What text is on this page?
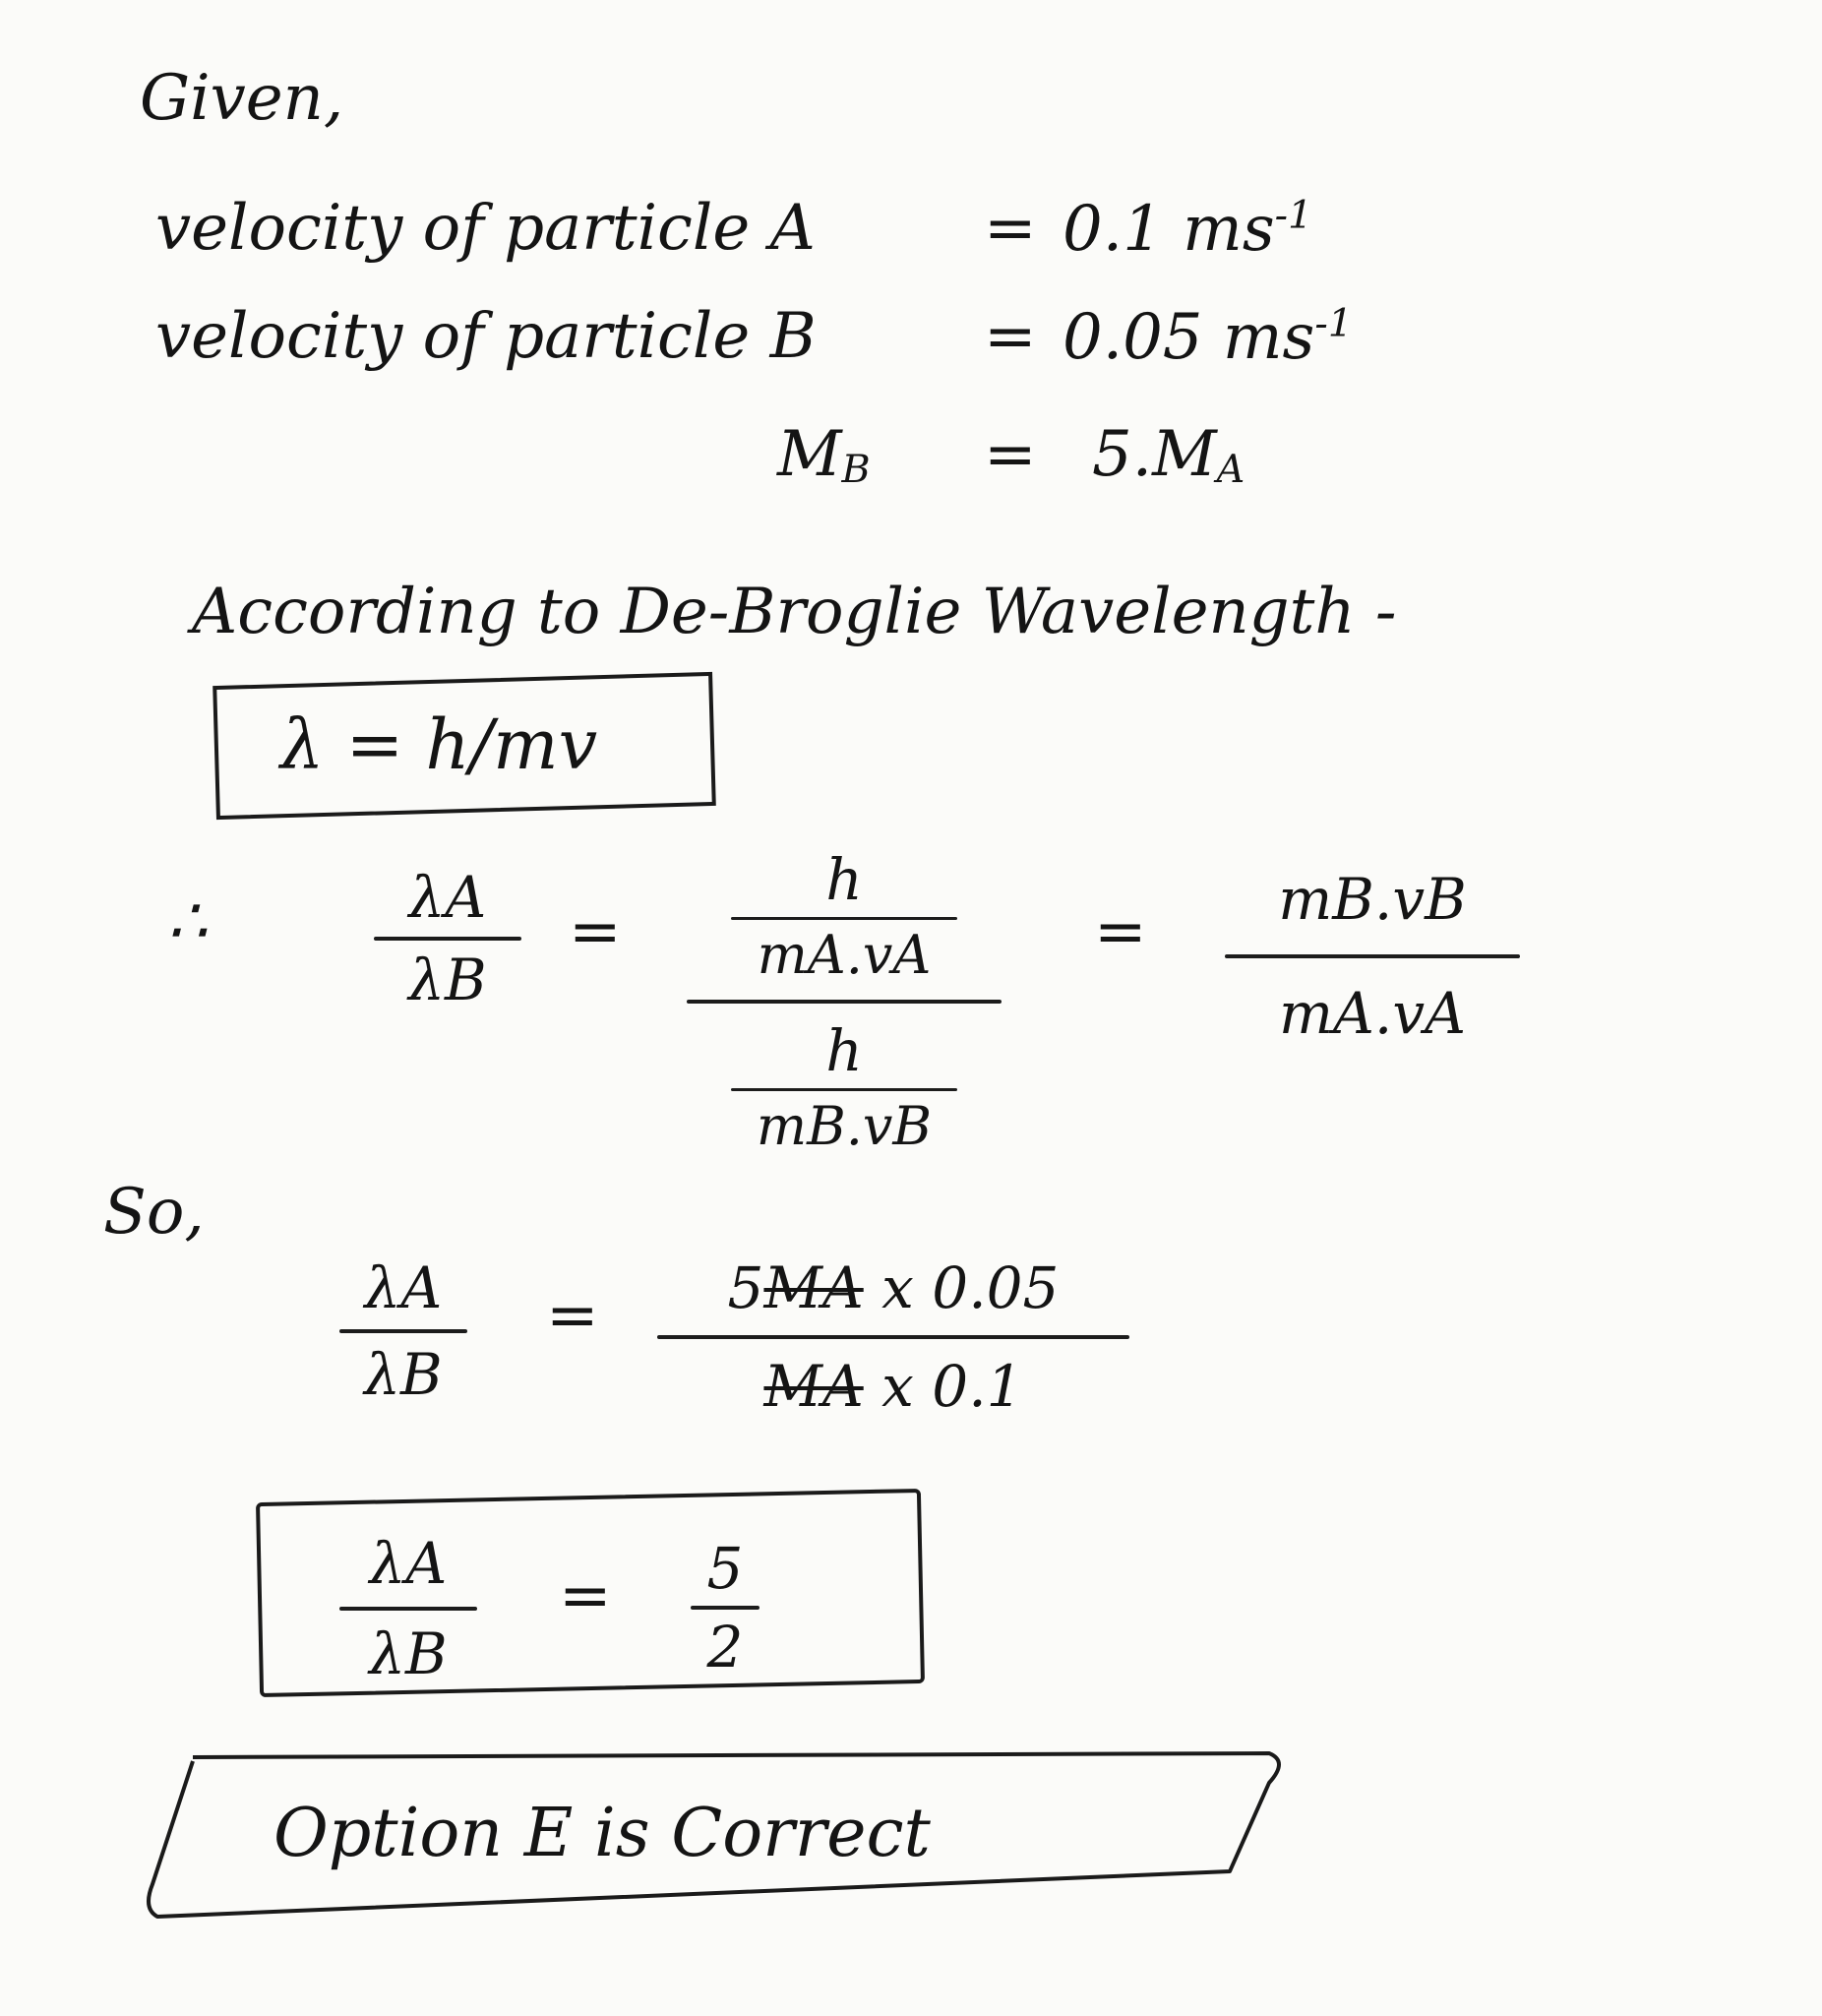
Given,
velocity of particle A	= 0.1 $ms^{-1}$
velocity of particle B	= 0.05 $ms^{-1}$
MB = 5.MA
According to De-Broglie Wavelength -
λ = h/mv
∴	λA
λB
=
h
mA.vA
h
mB.vB
=	mB.vB
mA.vA
So,
λA
λB
=	5MA x 0.05
MA x 0.1
λA
λB
= 5
2
Option E is Correct
